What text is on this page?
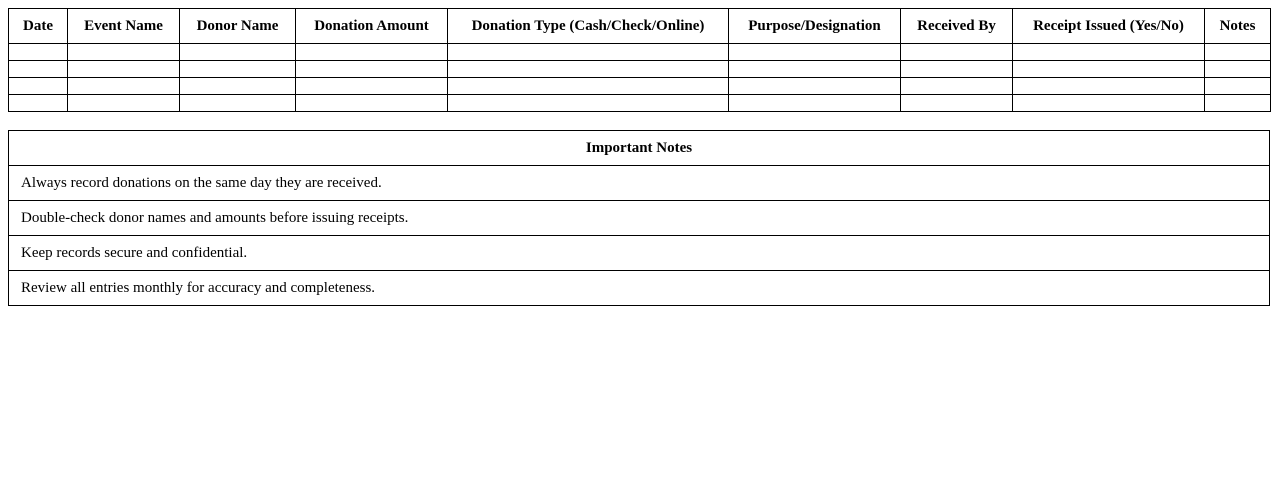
Date	Event Name	Donor Name	Donation Amount	Donation Type (Cash/Check/Online)	Purpose/Designation	Received By	Receipt Issued (Yes/No)	Notes

Important Notes
Always record donations on the same day they are received.
Double-check donor names and amounts before issuing receipts.
Keep records secure and confidential.
Review all entries monthly for accuracy and completeness.
